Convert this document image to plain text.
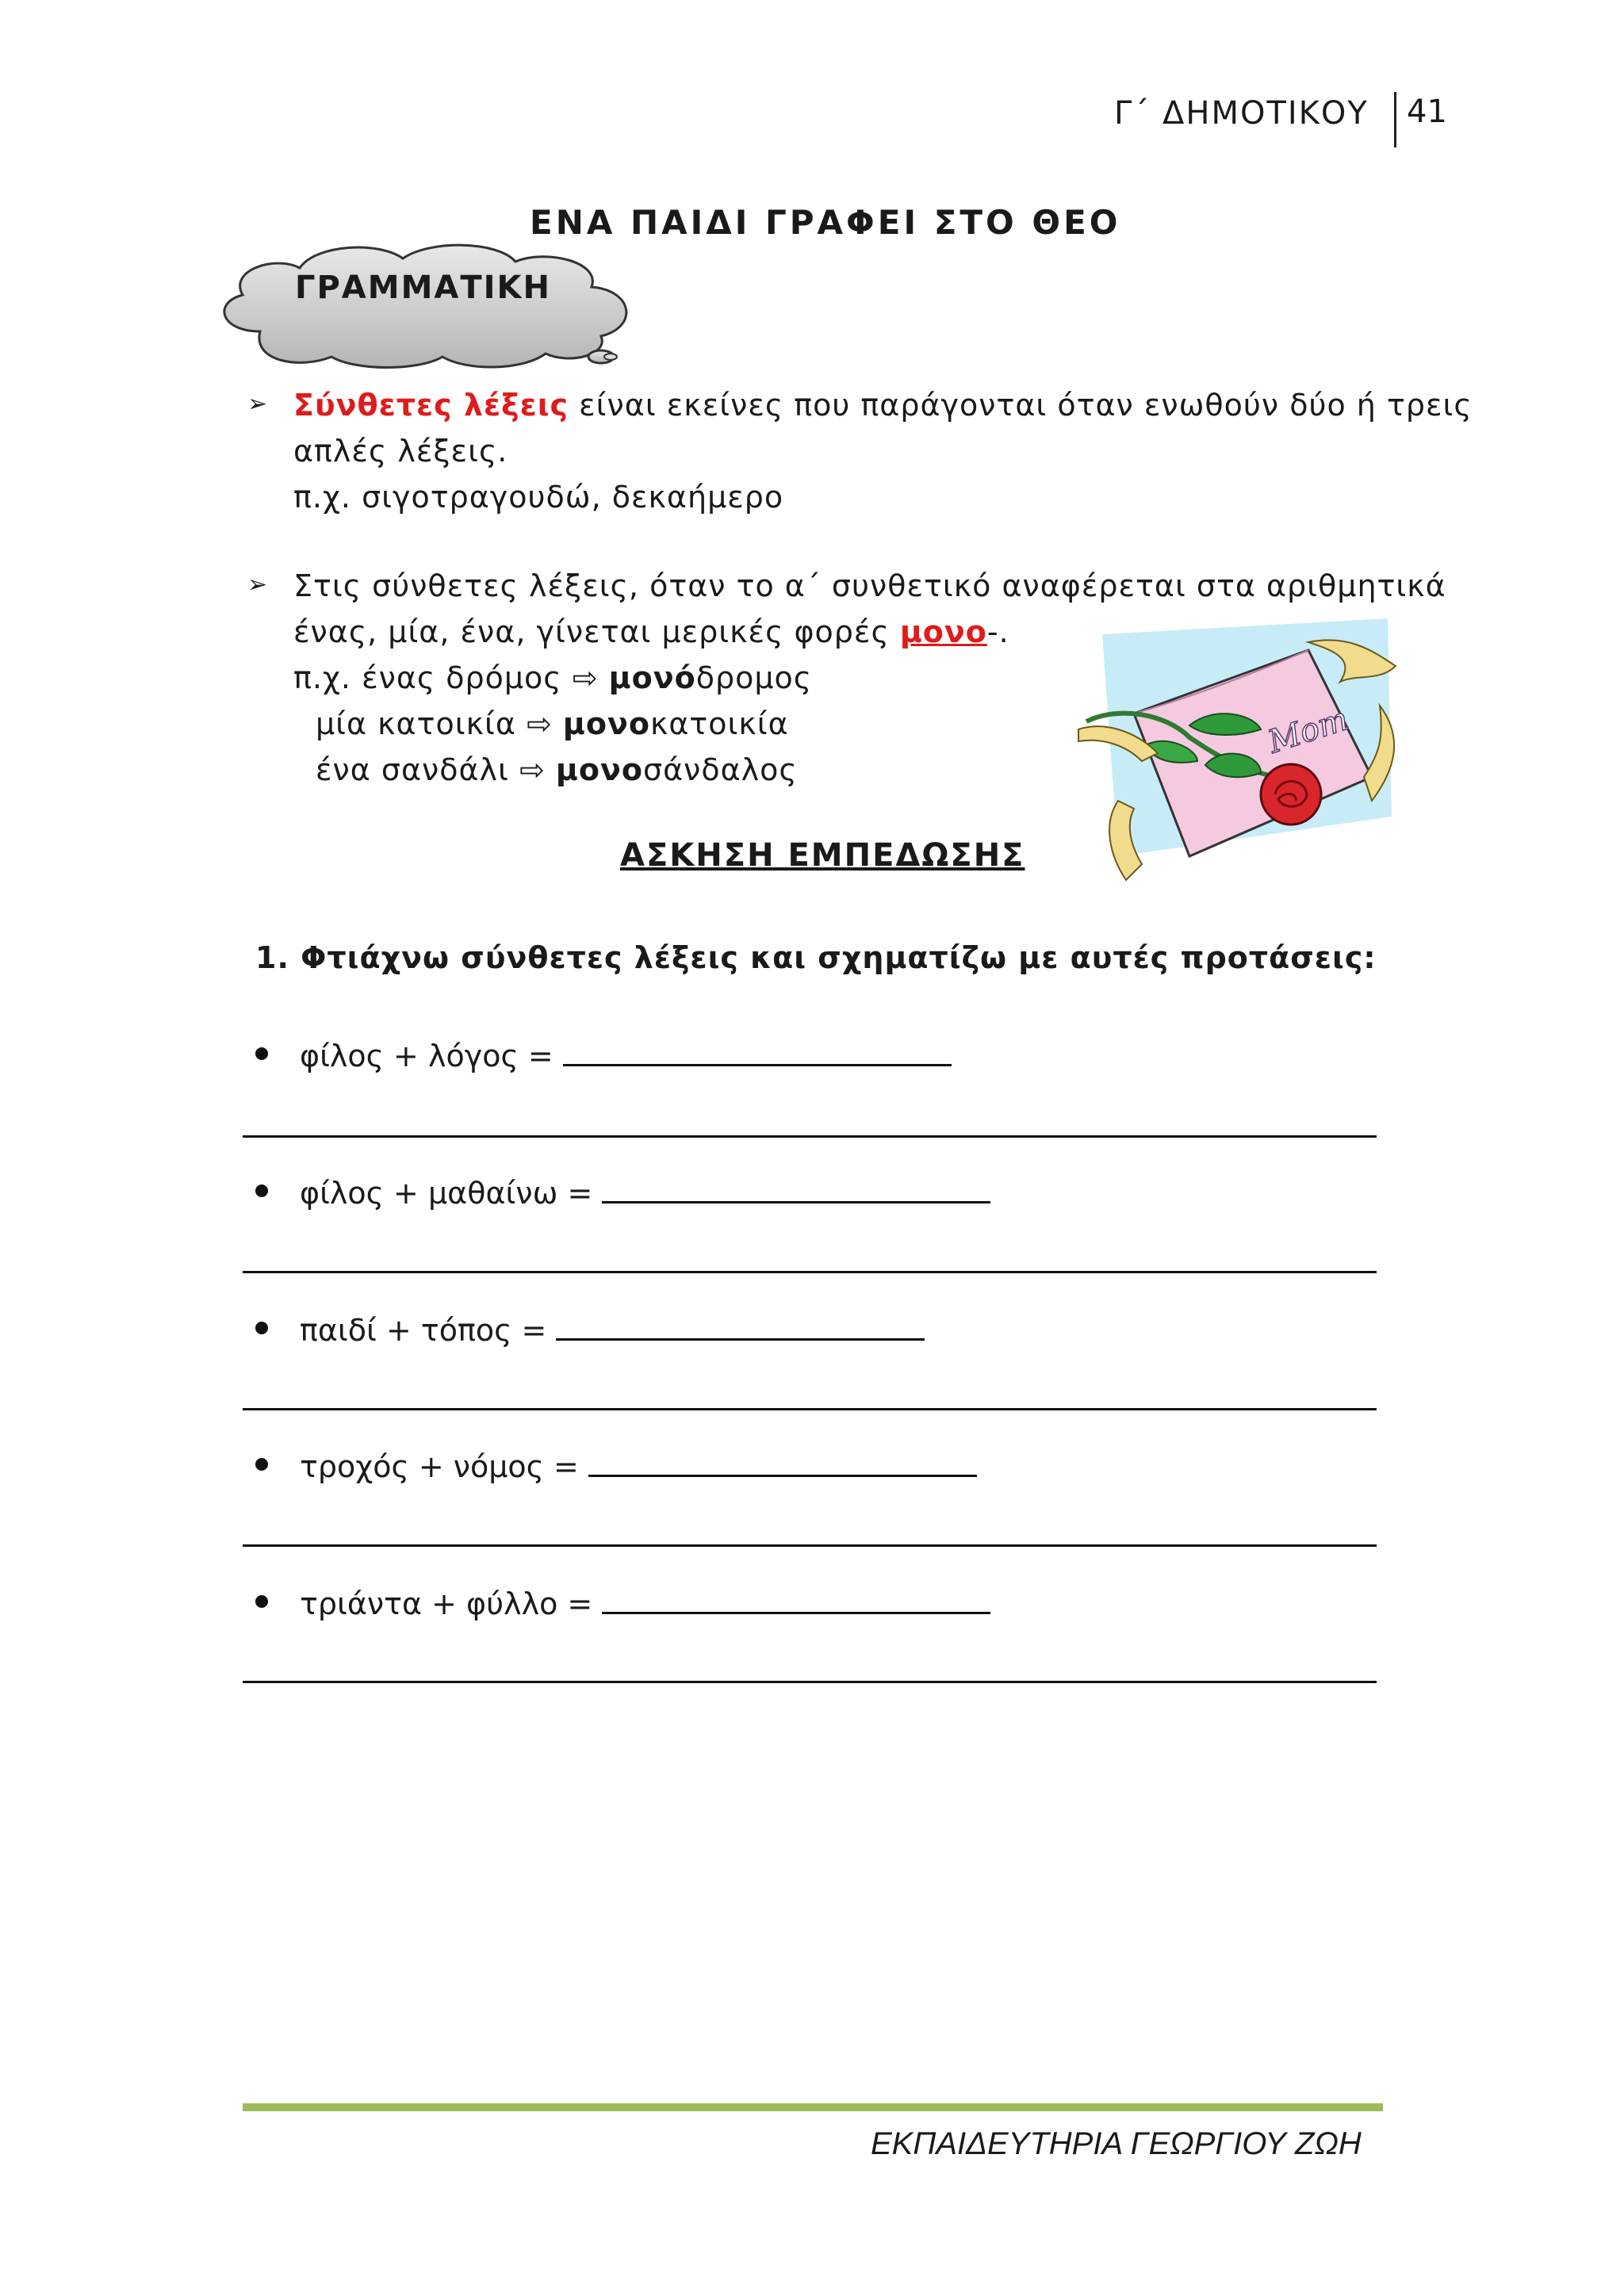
Γ΄ ΔΗΜΟΤΙΚΟΥ 41
ΕΝΑ ΠΑΙΔΙ ΓΡΑΦΕΙ ΣΤΟ ΘΕΟ
ΓΡΑΜΜΑΤΙΚΗ
➢ Σύνθετες λέξεις είναι εκείνες που παράγονται όταν ενωθούν δύο ή τρεις
απλές λέξεις.
π.χ. σιγοτραγουδώ, δεκαήμερο
➢ Στις σύνθετες λέξεις, όταν το α΄ συνθετικό αναφέρεται στα αριθμητικά
ένας, μία, ένα, γίνεται μερικές φορές μονο-.
π.χ. ένας δρόμος ⇨ μονόδρομος
μία κατοικία ⇨ μονοκατοικία
ένα σανδάλι ⇨ μονοσάνδαλος
Mom
ΑΣΚΗΣΗ ΕΜΠΕΔΩΣΗΣ
1. Φτιάχνω σύνθετες λέξεις και σχηματίζω με αυτές προτάσεις:
φίλος + λόγος =
φίλος + μαθαίνω =
παιδί + τόπος =
τροχός + νόμος =
τριάντα + φύλλο =
ΕΚΠΑΙΔΕΥΤΗΡΙΑ ΓΕΩΡΓΙΟΥ ΖΩΗ
